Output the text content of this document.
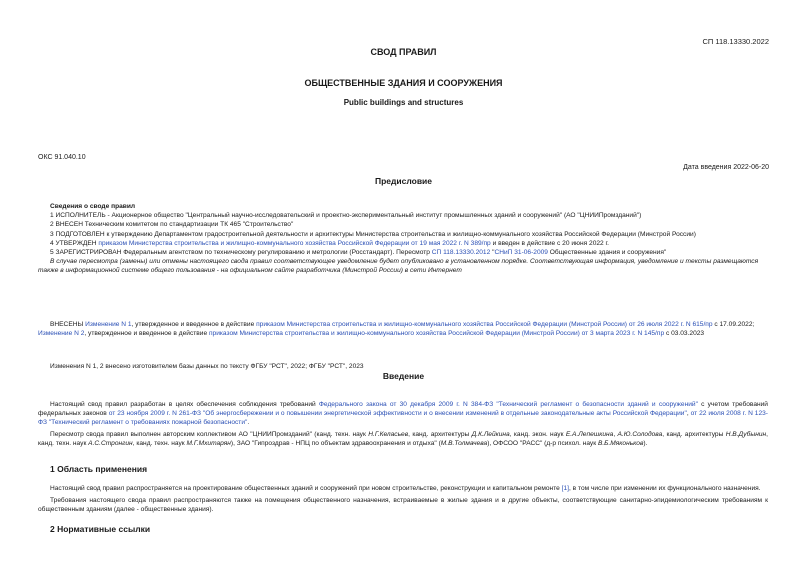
СП 118.13330.2022
СВОД ПРАВИЛ
ОБЩЕСТВЕННЫЕ ЗДАНИЯ И СООРУЖЕНИЯ
Public buildings and structures
ОКС 91.040.10
Дата введения 2022-06-20
Предисловие
Сведения о своде правил
1 ИСПОЛНИТЕЛЬ - Акционерное общество "Центральный научно-исследовательский и проектно-экспериментальный институт промышленных зданий и сооружений" (АО "ЦНИИПромзданий")
2 ВНЕСЕН Техническим комитетом по стандартизации ТК 465 "Строительство"
3 ПОДГОТОВЛЕН к утверждению Департаментом градостроительной деятельности и архитектуры Министерства строительства и жилищно-коммунального хозяйства Российской Федерации (Минстрой России)
4 УТВЕРЖДЕН приказом Министерства строительства и жилищно-коммунального хозяйства Российской Федерации от 19 мая 2022 г. N 389/пр и введен в действие с 20 июня 2022 г.
5 ЗАРЕГИСТРИРОВАН Федеральным агентством по техническому регулированию и метрологии (Росстандарт). Пересмотр СП 118.13330.2012 "СНиП 31-06-2009 Общественные здания и сооружения"
В случае пересмотра (замены) или отмены настоящего свода правил соответствующее уведомление будет опубликовано в установленном порядке. Соответствующая информация, уведомление и тексты размещаются также в информационной системе общего пользования - на официальном сайте разработчика (Минстрой России) в сети Интернет
ВНЕСЕНЫ Изменение N 1, утвержденное и введенное в действие приказом Министерства строительства и жилищно-коммунального хозяйства Российской Федерации (Минстрой России) от 26 июля 2022 г. N 615/пр с 17.09.2022; Изменение N 2, утвержденное и введенное в действие приказом Министерства строительства и жилищно-коммунального хозяйства Российской Федерации (Минстрой России) от 3 марта 2023 г. N 145/пр с 03.03.2023
Изменения N 1, 2 внесено изготовителем базы данных по тексту ФГБУ "РСТ", 2022; ФГБУ "РСТ", 2023
Введение
Настоящий свод правил разработан в целях обеспечения соблюдения требований Федерального закона от 30 декабря 2009 г. N 384-ФЗ "Технический регламент о безопасности зданий и сооружений" с учетом требований федеральных законов от 23 ноября 2009 г. N 261-ФЗ "Об энергосбережении и о повышении энергетической эффективности и о внесении изменений в отдельные законодательные акты Российской Федерации", от 22 июля 2008 г. N 123-ФЗ "Технический регламент о требованиях пожарной безопасности".
Пересмотр свода правил выполнен авторским коллективом АО "ЦНИИПромзданий" (канд. техн. наук Н.Г.Келасьев, канд. архитектуры Д.К.Лейкина, канд. экон. наук Е.А.Лепешкина, А.Ю.Солодова, канд. архитектуры Н.В.Дубынин, канд. техн. наук А.С.Стронгин, канд. техн. наук М.Г.Мхитарян), ЗАО "Гипроздрав - НПЦ по объектам здравоохранения и отдыха" (М.В.Толмачева), ОФСОО "РАСС" (д-р психол. наук В.Б.Мяконьков).
1 Область применения
Настоящий свод правил распространяется на проектирование общественных зданий и сооружений при новом строительстве, реконструкции и капитальном ремонте [1], в том числе при изменении их функционального назначения.
Требования настоящего свода правил распространяются также на помещения общественного назначения, встраиваемые в жилые здания и в другие объекты, соответствующие санитарно-эпидемиологическим требованиям к общественным зданиям (далее - общественные здания).
2 Нормативные ссылки
